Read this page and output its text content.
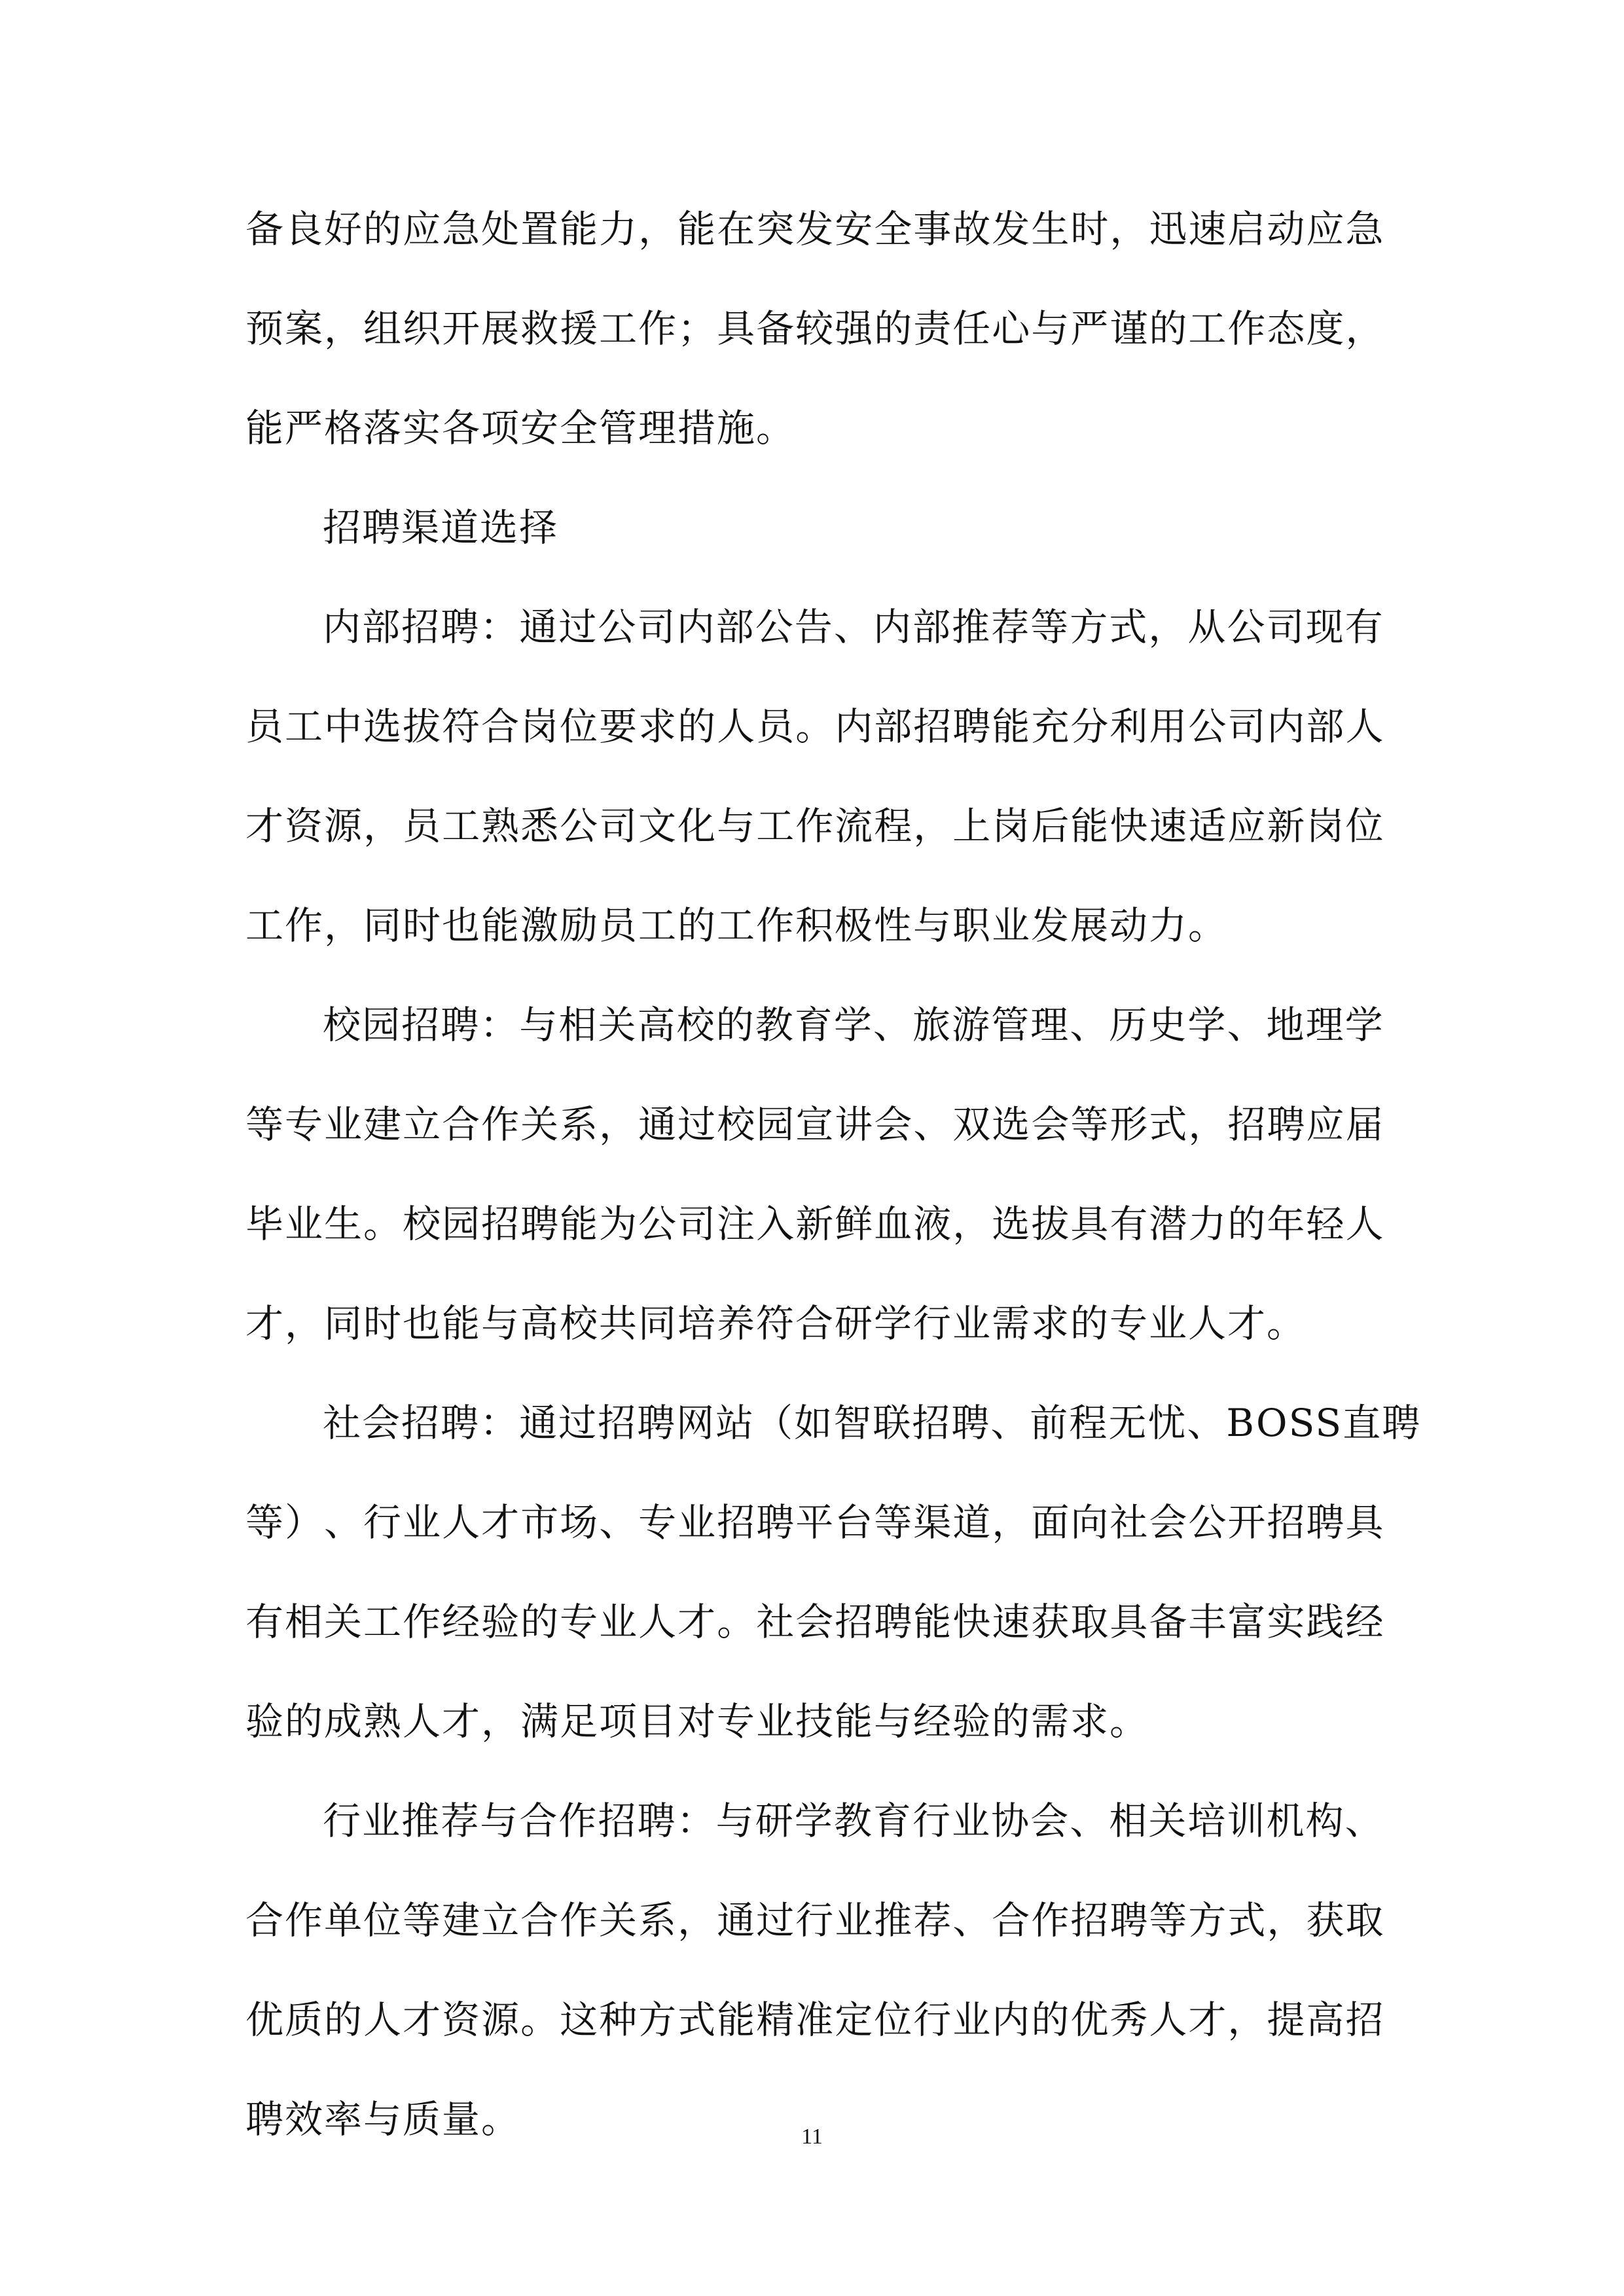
备 良 好 的 应 急 处 置 能 力 ， 能 在 突 发 安 全 事 故 发 生 时 ， 迅 速 启 动 应 急
预 案 ， 组 织 开 展 救 援 工 作 ； 具 备 较 强 的 责 任 心 与 严 谨 的 工 作 态 度 ，
能严格落实各项安全管理措施。
招聘渠道选择
内 部 招 聘 ： 通 过 公 司 内 部 公 告 、 内 部 推 荐 等 方 式 ， 从 公 司 现 有
员 工 中 选 拔 符 合 岗 位 要 求 的 人 员 。 内 部 招 聘 能 充 分 利 用 公 司 内 部 人
才 资 源 ， 员 工 熟 悉 公 司 文 化 与 工 作 流 程 ， 上 岗 后 能 快 速 适 应 新 岗 位
工作，同时也能激励员工的工作积极性与职业发展动力。
校 园 招 聘 ： 与 相 关 高 校 的 教 育 学 、 旅 游 管 理 、 历 史 学 、 地 理 学
等 专 业 建 立 合 作 关 系 ， 通 过 校 园 宣 讲 会 、 双 选 会 等 形 式 ， 招 聘 应 届
毕 业 生 。 校 园 招 聘 能 为 公 司 注 入 新 鲜 血 液 ， 选 拔 具 有 潜 力 的 年 轻 人
才，同时也能与高校共同培养符合研学行业需求的专业人才。
社 会 招 聘 ： 通 过 招 聘 网 站 （ 如 智 联 招 聘 、 前 程 无 忧 、 BOSS 直 聘
等 ） 、 行 业 人 才 市 场 、 专 业 招 聘 平 台 等 渠 道 ， 面 向 社 会 公 开 招 聘 具
有 相 关 工 作 经 验 的 专 业 人 才 。 社 会 招 聘 能 快 速 获 取 具 备 丰 富 实 践 经
验的成熟人才，满足项目对专业技能与经验的需求。
行 业 推 荐 与 合 作 招 聘 ： 与 研 学 教 育 行 业 协 会 、 相 关 培 训 机 构 、
合 作 单 位 等 建 立 合 作 关 系 ， 通 过 行 业 推 荐 、 合 作 招 聘 等 方 式 ， 获 取
优 质 的 人 才 资 源 。 这 种 方 式 能 精 准 定 位 行 业 内 的 优 秀 人 才 ， 提 高 招
聘效率与质量。	11
